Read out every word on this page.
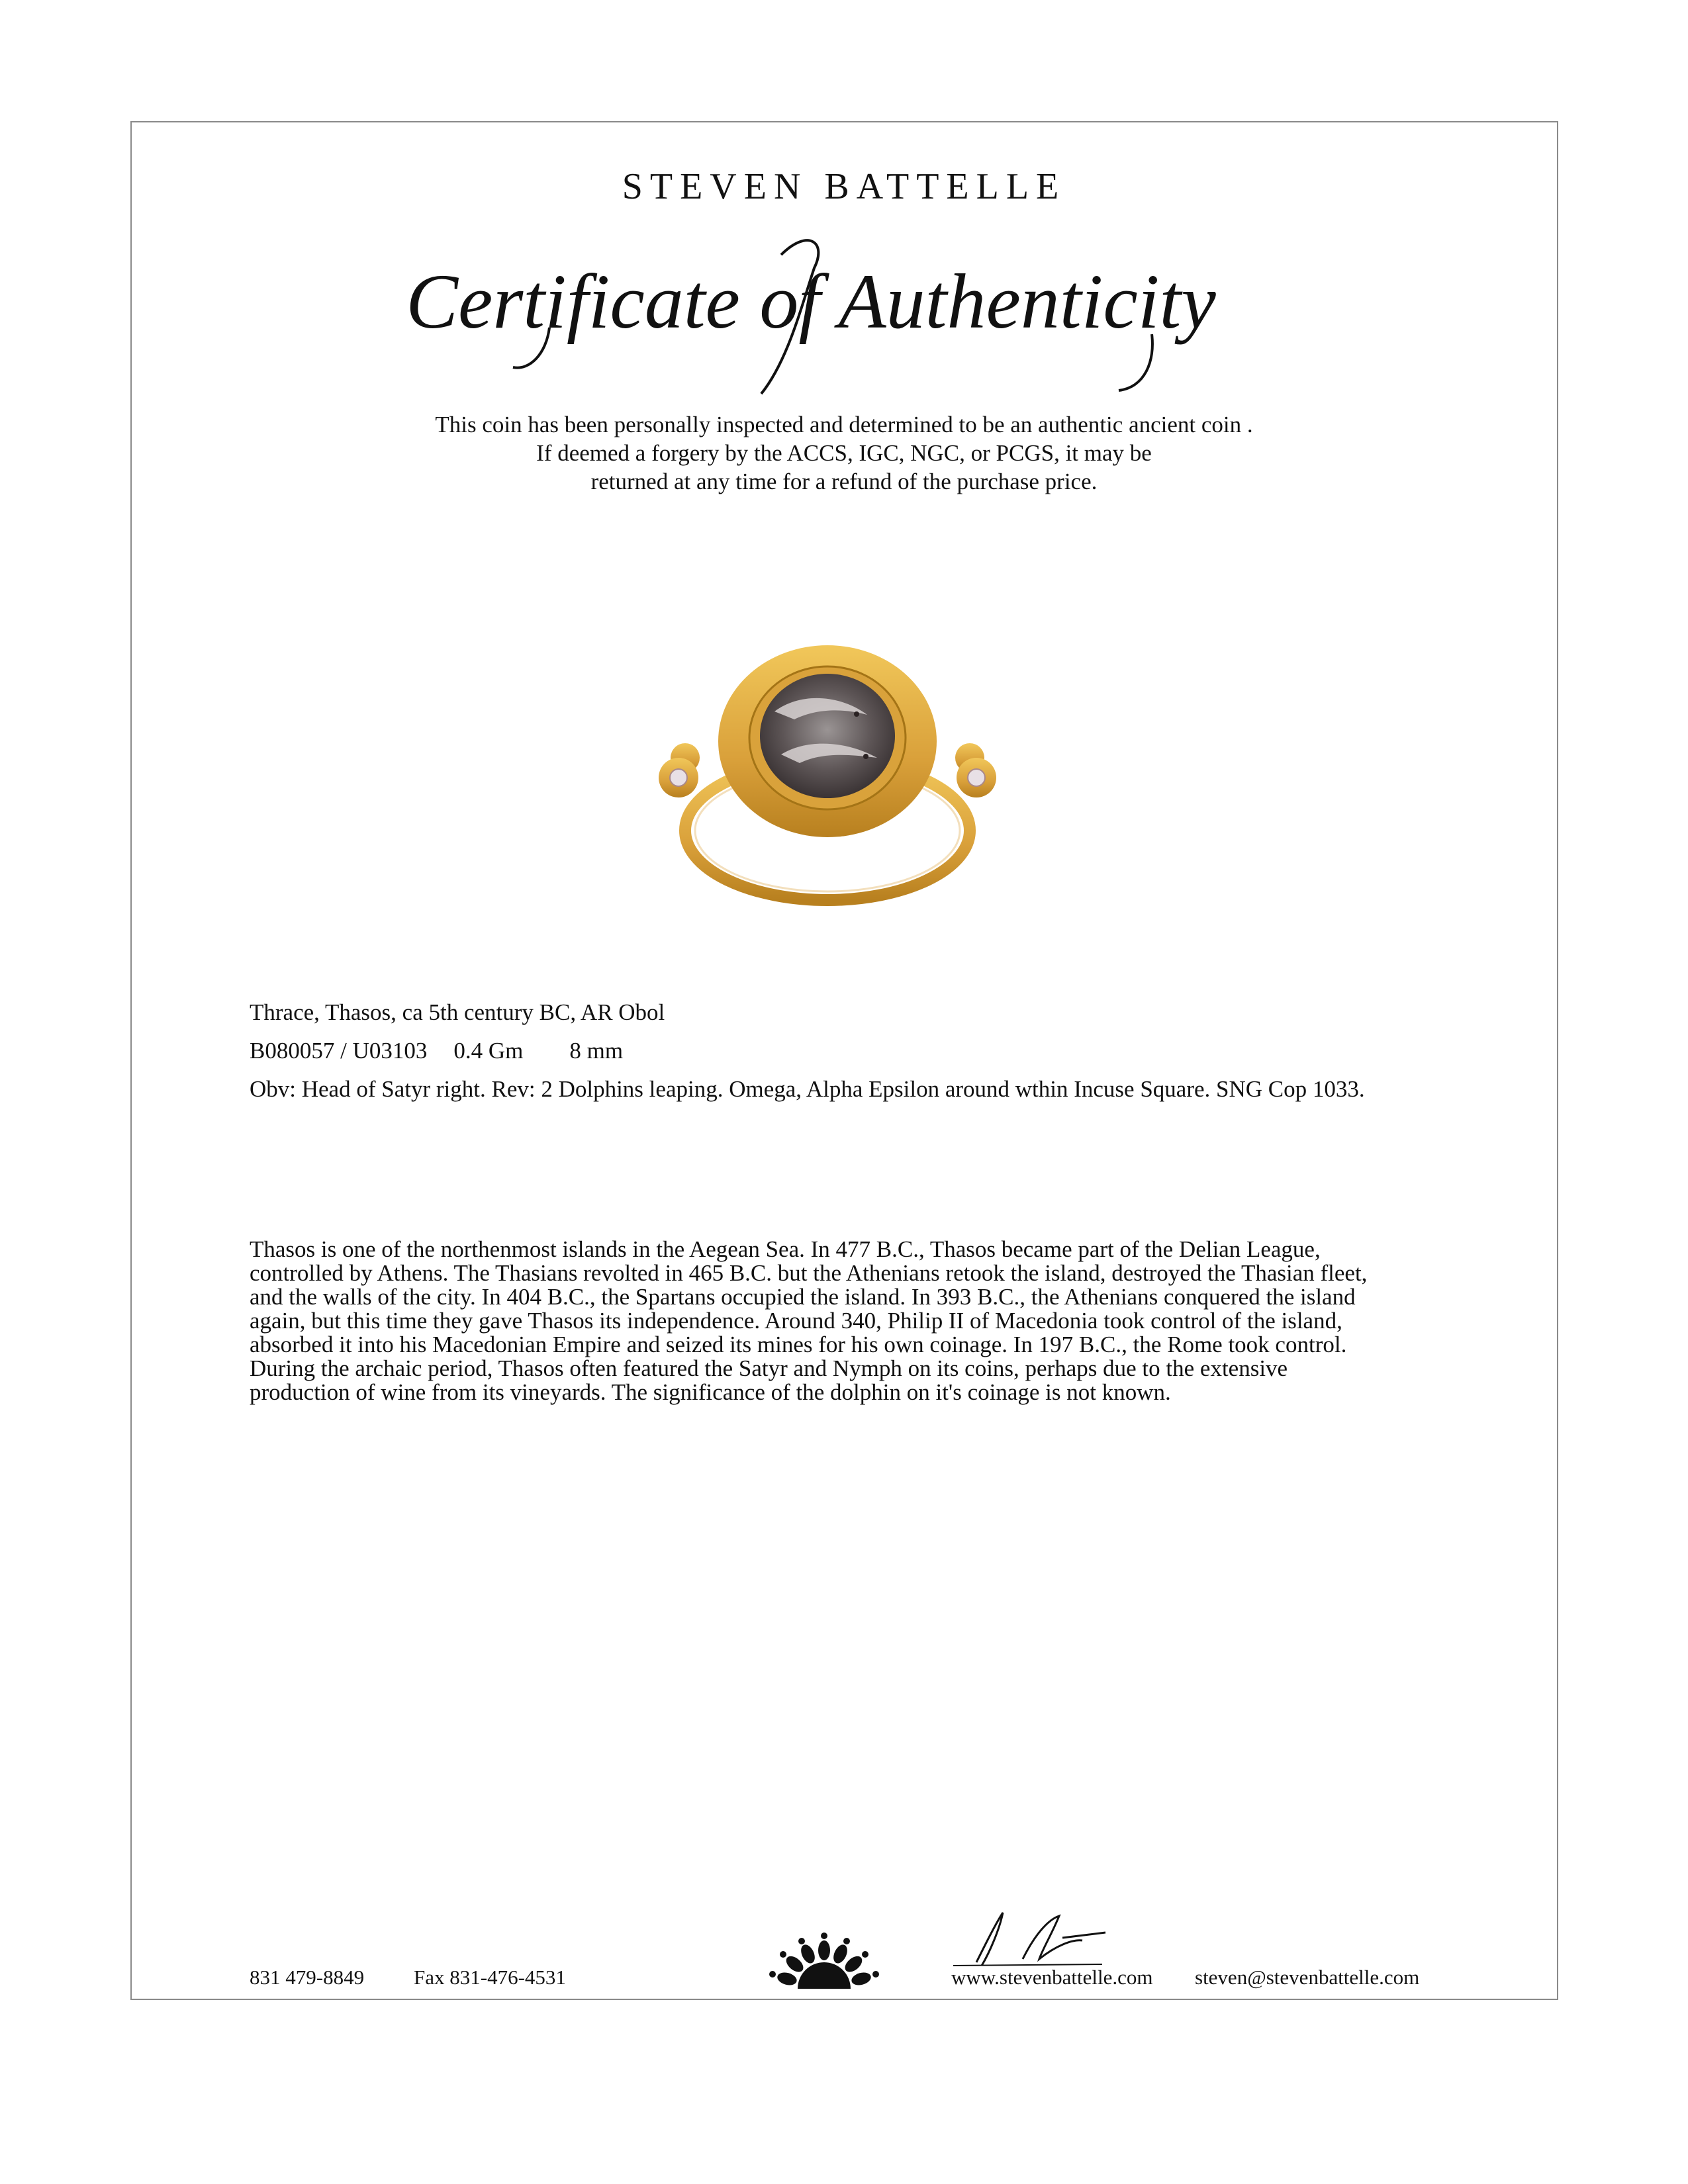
STEVEN BATTELLE
Certificate of Authenticity
This coin has been personally inspected and determined to be an authentic ancient coin .
If deemed a forgery by the ACCS, IGC, NGC, or PCGS, it may be
returned at any time for a refund of the purchase price.
Thrace, Thasos, ca 5th century BC, AR Obol
B080057 / U03103 0.4 Gm 8 mm
Obv: Head of Satyr right. Rev: 2 Dolphins leaping. Omega, Alpha Epsilon around wthin Incuse Square. SNG Cop 1033.
Thasos is one of the northenmost islands in the Aegean Sea. In 477 B.C., Thasos became part of the Delian League, controlled by Athens. The Thasians revolted in 465 B.C. but the Athenians retook the island, destroyed the Thasian fleet, and the walls of the city. In 404 B.C., the Spartans occupied the island. In 393 B.C., the Athenians conquered the island again, but this time they gave Thasos its independence. Around 340, Philip II of Macedonia took control of the island, absorbed it into his Macedonian Empire and seized its mines for his own coinage. In 197 B.C., the Rome took control. During the archaic period, Thasos often featured the Satyr and Nymph on its coins, perhaps due to the extensive production of wine from its vineyards. The significance of the dolphin on it's coinage is not known.
831 479-8849 Fax 831-476-4531	www.stevenbattelle.com steven@stevenbattelle.com
